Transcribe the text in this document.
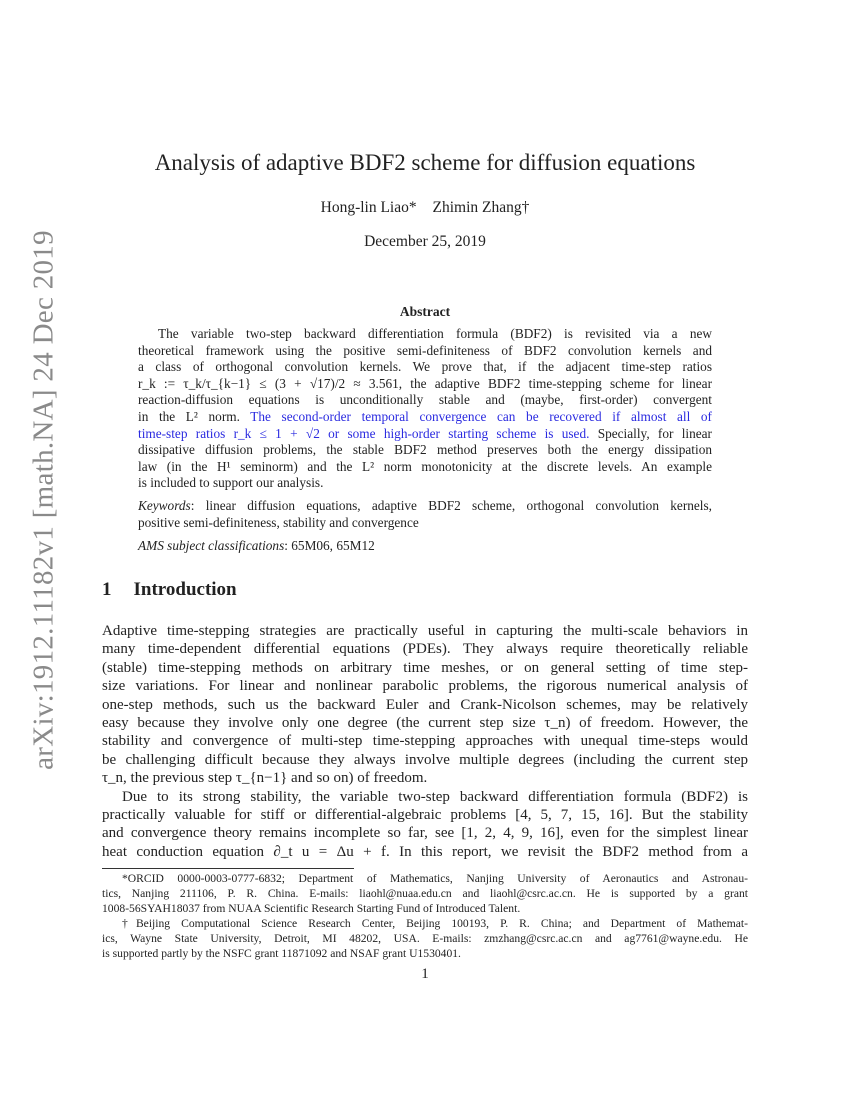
arXiv:1912.11182v1 [math.NA] 24 Dec 2019
Analysis of adaptive BDF2 scheme for diffusion equations
Hong-lin Liao* Zhimin Zhang†
December 25, 2019
Abstract
The variable two-step backward differentiation formula (BDF2) is revisited via a new
theoretical framework using the positive semi-definiteness of BDF2 convolution kernels and
a class of orthogonal convolution kernels. We prove that, if the adjacent time-step ratios
r_k := τ_k/τ_{k−1} ≤ (3 + √17)/2 ≈ 3.561, the adaptive BDF2 time-stepping scheme for linear
reaction-diffusion equations is unconditionally stable and (maybe, first-order) convergent
in the L² norm. The second-order temporal convergence can be recovered if almost all of
time-step ratios r_k ≤ 1 + √2 or some high-order starting scheme is used. Specially, for linear
dissipative diffusion problems, the stable BDF2 method preserves both the energy dissipation
law (in the H¹ seminorm) and the L² norm monotonicity at the discrete levels. An example
is included to support our analysis.
Keywords: linear diffusion equations, adaptive BDF2 scheme, orthogonal convolution kernels,
positive semi-definiteness, stability and convergence
AMS subject classifications: 65M06, 65M12
1 Introduction
Adaptive time-stepping strategies are practically useful in capturing the multi-scale behaviors in
many time-dependent differential equations (PDEs). They always require theoretically reliable
(stable) time-stepping methods on arbitrary time meshes, or on general setting of time step-
size variations. For linear and nonlinear parabolic problems, the rigorous numerical analysis of
one-step methods, such us the backward Euler and Crank-Nicolson schemes, may be relatively
easy because they involve only one degree (the current step size τ_n) of freedom. However, the
stability and convergence of multi-step time-stepping approaches with unequal time-steps would
be challenging difficult because they always involve multiple degrees (including the current step
τ_n, the previous step τ_{n−1} and so on) of freedom.
Due to its strong stability, the variable two-step backward differentiation formula (BDF2) is
practically valuable for stiff or differential-algebraic problems [4, 5, 7, 15, 16]. But the stability
and convergence theory remains incomplete so far, see [1, 2, 4, 9, 16], even for the simplest linear
heat conduction equation ∂_t u = Δu + f. In this report, we revisit the BDF2 method from a
*ORCID 0000-0003-0777-6832; Department of Mathematics, Nanjing University of Aeronautics and Astronau-
tics, Nanjing 211106, P. R. China. E-mails: liaohl@nuaa.edu.cn and liaohl@csrc.ac.cn. He is supported by a grant
1008-56SYAH18037 from NUAA Scientific Research Starting Fund of Introduced Talent.
†Beijing Computational Science Research Center, Beijing 100193, P. R. China; and Department of Mathemat-
ics, Wayne State University, Detroit, MI 48202, USA. E-mails: zmzhang@csrc.ac.cn and ag7761@wayne.edu. He
is supported partly by the NSFC grant 11871092 and NSAF grant U1530401.
1
